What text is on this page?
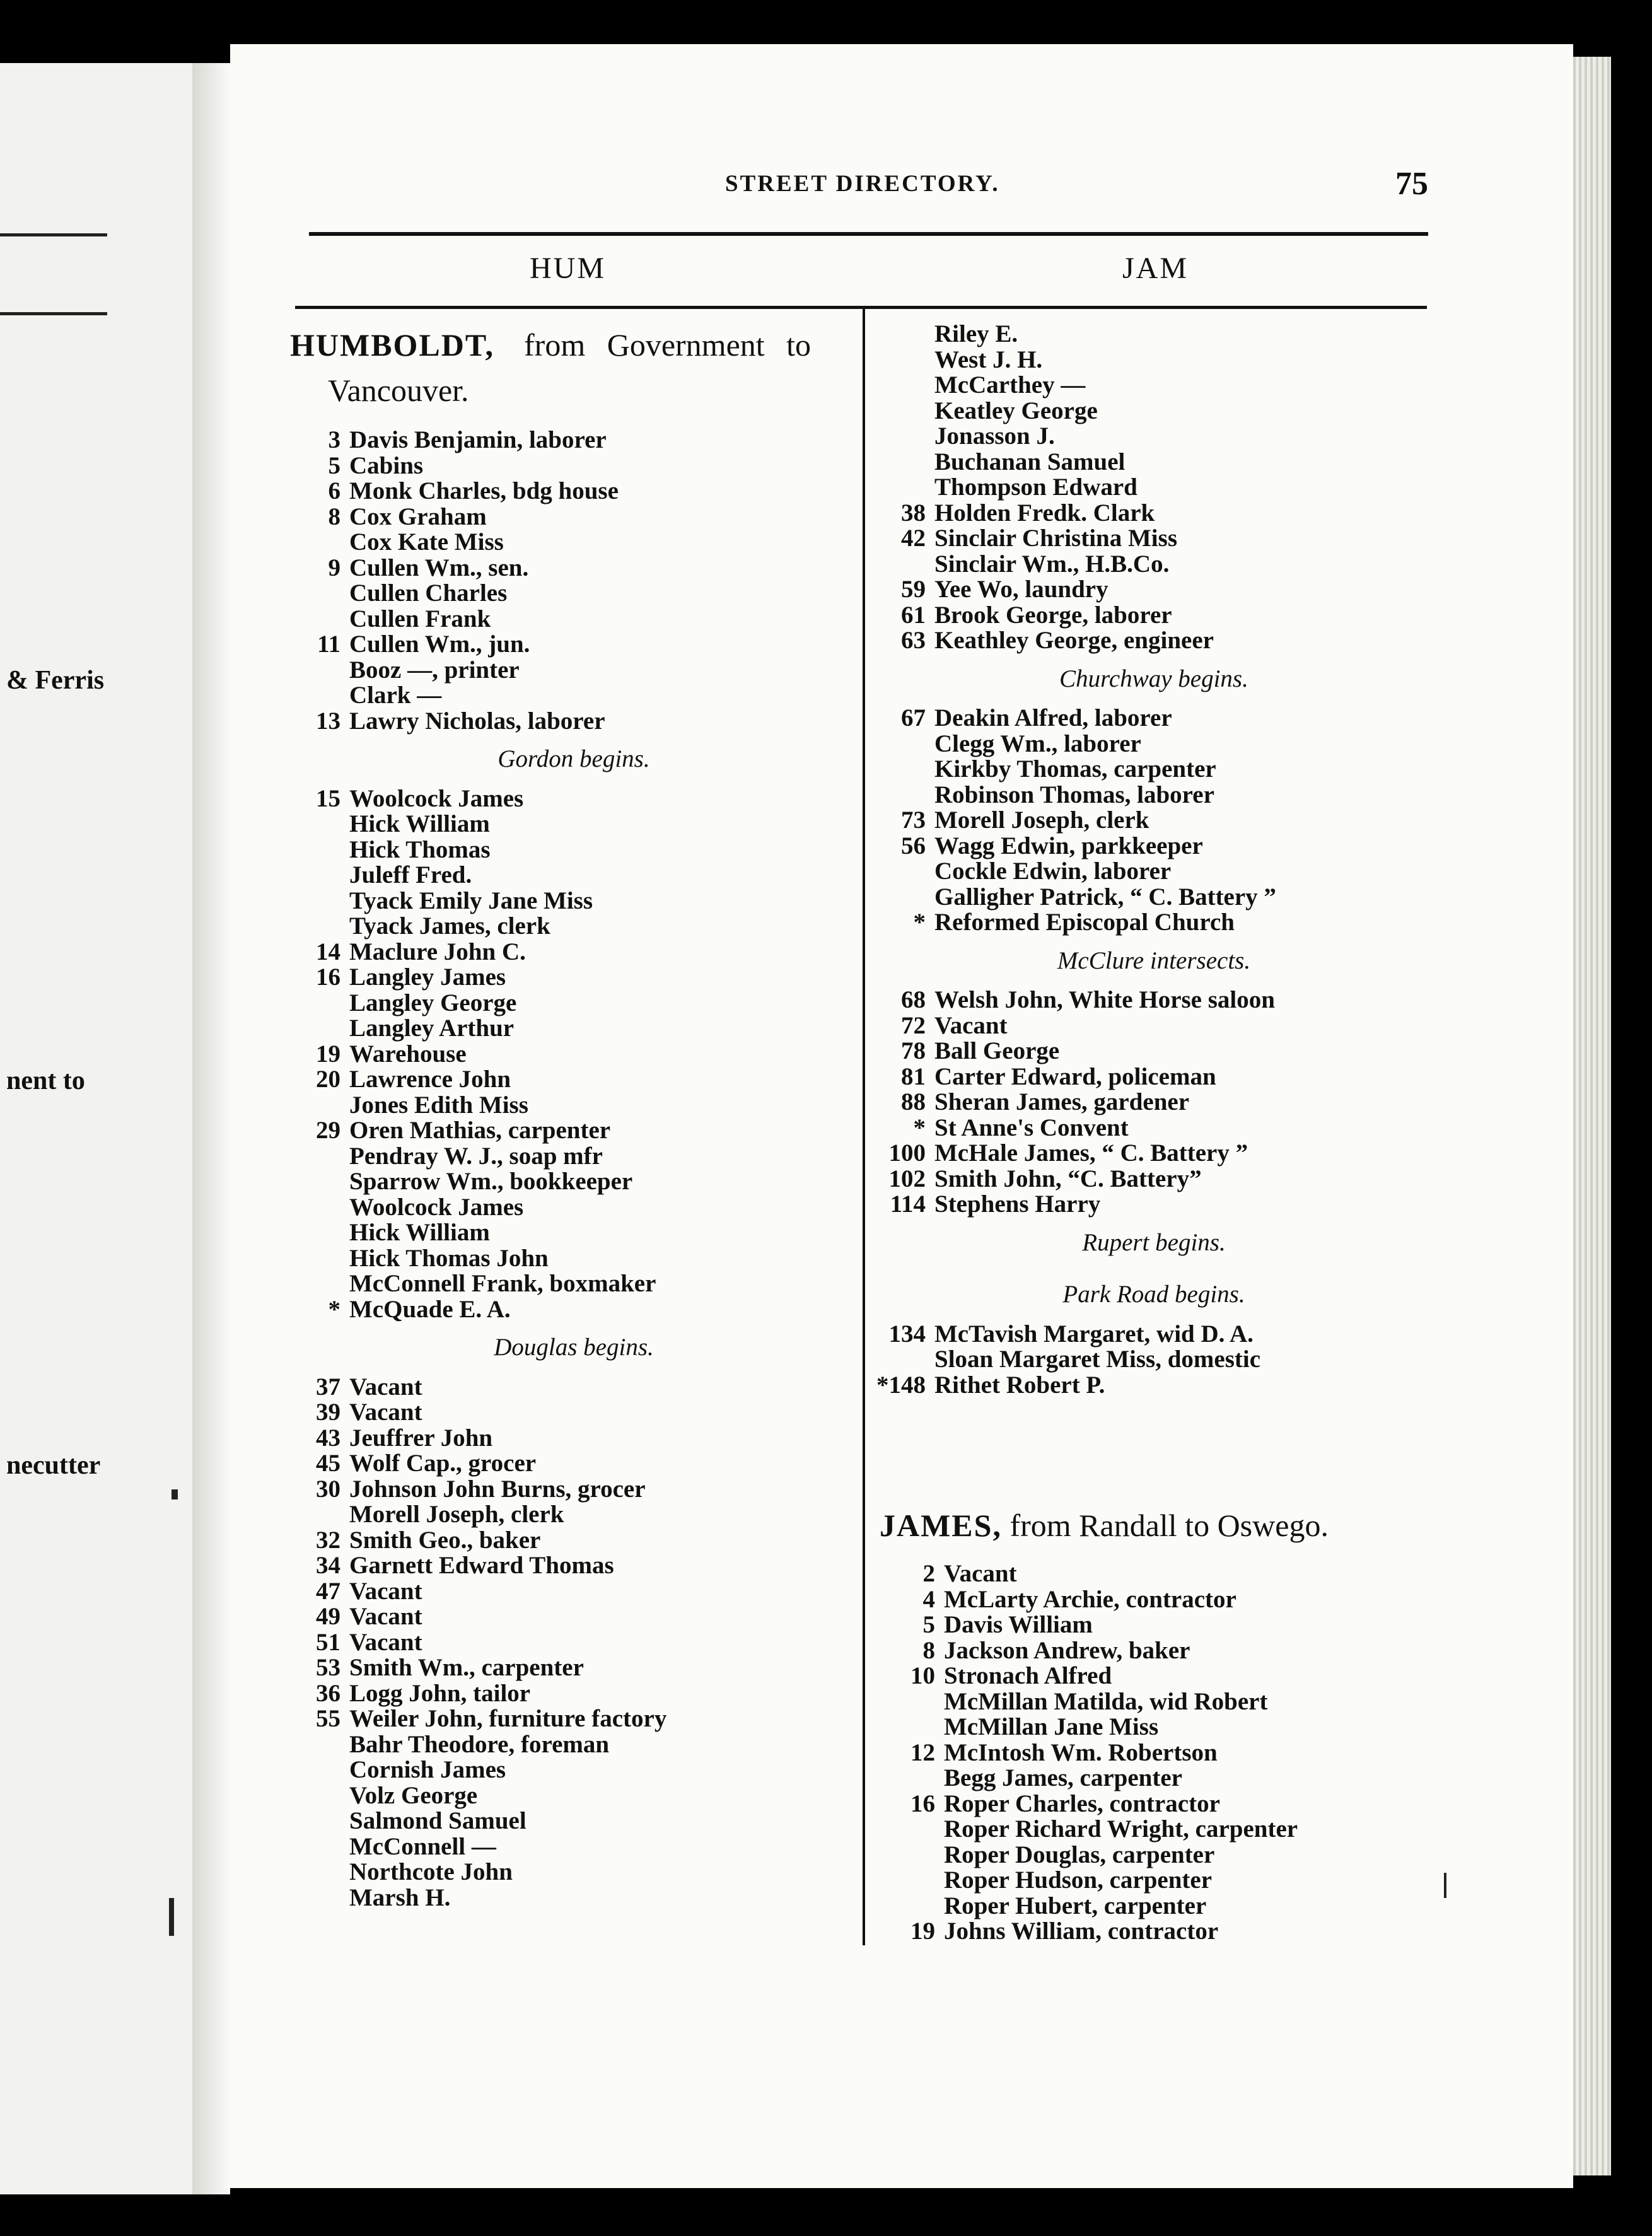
& Ferris
nent to
necutter
STREET DIRECTORY.	75
HUM	JAM
HUMBOLDT, from Government to
Vancouver.
3 Davis Benjamin, laborer
5 Cabins
6 Monk Charles, bdg house
8 Cox Graham
Cox Kate Miss
9 Cullen Wm., sen.
Cullen Charles
Cullen Frank
11 Cullen Wm., jun.
Booz —, printer
Clark —
13 Lawry Nicholas, laborer
Gordon begins.
15 Woolcock James
Hick William
Hick Thomas
Juleff Fred.
Tyack Emily Jane Miss
Tyack James, clerk
14 Maclure John C.
16 Langley James
Langley George
Langley Arthur
19 Warehouse
20 Lawrence John
Jones Edith Miss
29 Oren Mathias, carpenter
Pendray W. J., soap mfr
Sparrow Wm., bookkeeper
Woolcock James
Hick William
Hick Thomas John
McConnell Frank, boxmaker
* McQuade E. A.
Douglas begins.
37 Vacant
39 Vacant
43 Jeuffrer John
45 Wolf Cap., grocer
30 Johnson John Burns, grocer
Morell Joseph, clerk
32 Smith Geo., baker
34 Garnett Edward Thomas
47 Vacant
49 Vacant
51 Vacant
53 Smith Wm., carpenter
36 Logg John, tailor
55 Weiler John, furniture factory
Bahr Theodore, foreman
Cornish James
Volz George
Salmond Samuel
McConnell —
Northcote John
Marsh H.
Riley E.
West J. H.
McCarthey —
Keatley George
Jonasson J.
Buchanan Samuel
Thompson Edward
38 Holden Fredk. Clark
42 Sinclair Christina Miss
Sinclair Wm., H.B.Co.
59 Yee Wo, laundry
61 Brook George, laborer
63 Keathley George, engineer
Churchway begins.
67 Deakin Alfred, laborer
Clegg Wm., laborer
Kirkby Thomas, carpenter
Robinson Thomas, laborer
73 Morell Joseph, clerk
56 Wagg Edwin, parkkeeper
Cockle Edwin, laborer
Galligher Patrick, “ C. Battery ”
* Reformed Episcopal Church
McClure intersects.
68 Welsh John, White Horse saloon
72 Vacant
78 Ball George
81 Carter Edward, policeman
88 Sheran James, gardener
* St Anne's Convent
100 McHale James, “ C. Battery ”
102 Smith John, “C. Battery”
114 Stephens Harry
Rupert begins.
Park Road begins.
134 McTavish Margaret, wid D. A.
Sloan Margaret Miss, domestic
*148 Rithet Robert P.
JAMES, from Randall to Oswego.
2 Vacant
4 McLarty Archie, contractor
5 Davis William
8 Jackson Andrew, baker
10 Stronach Alfred
McMillan Matilda, wid Robert
McMillan Jane Miss
12 McIntosh Wm. Robertson
Begg James, carpenter
16 Roper Charles, contractor
Roper Richard Wright, carpenter
Roper Douglas, carpenter
Roper Hudson, carpenter
Roper Hubert, carpenter
19 Johns William, contractor
